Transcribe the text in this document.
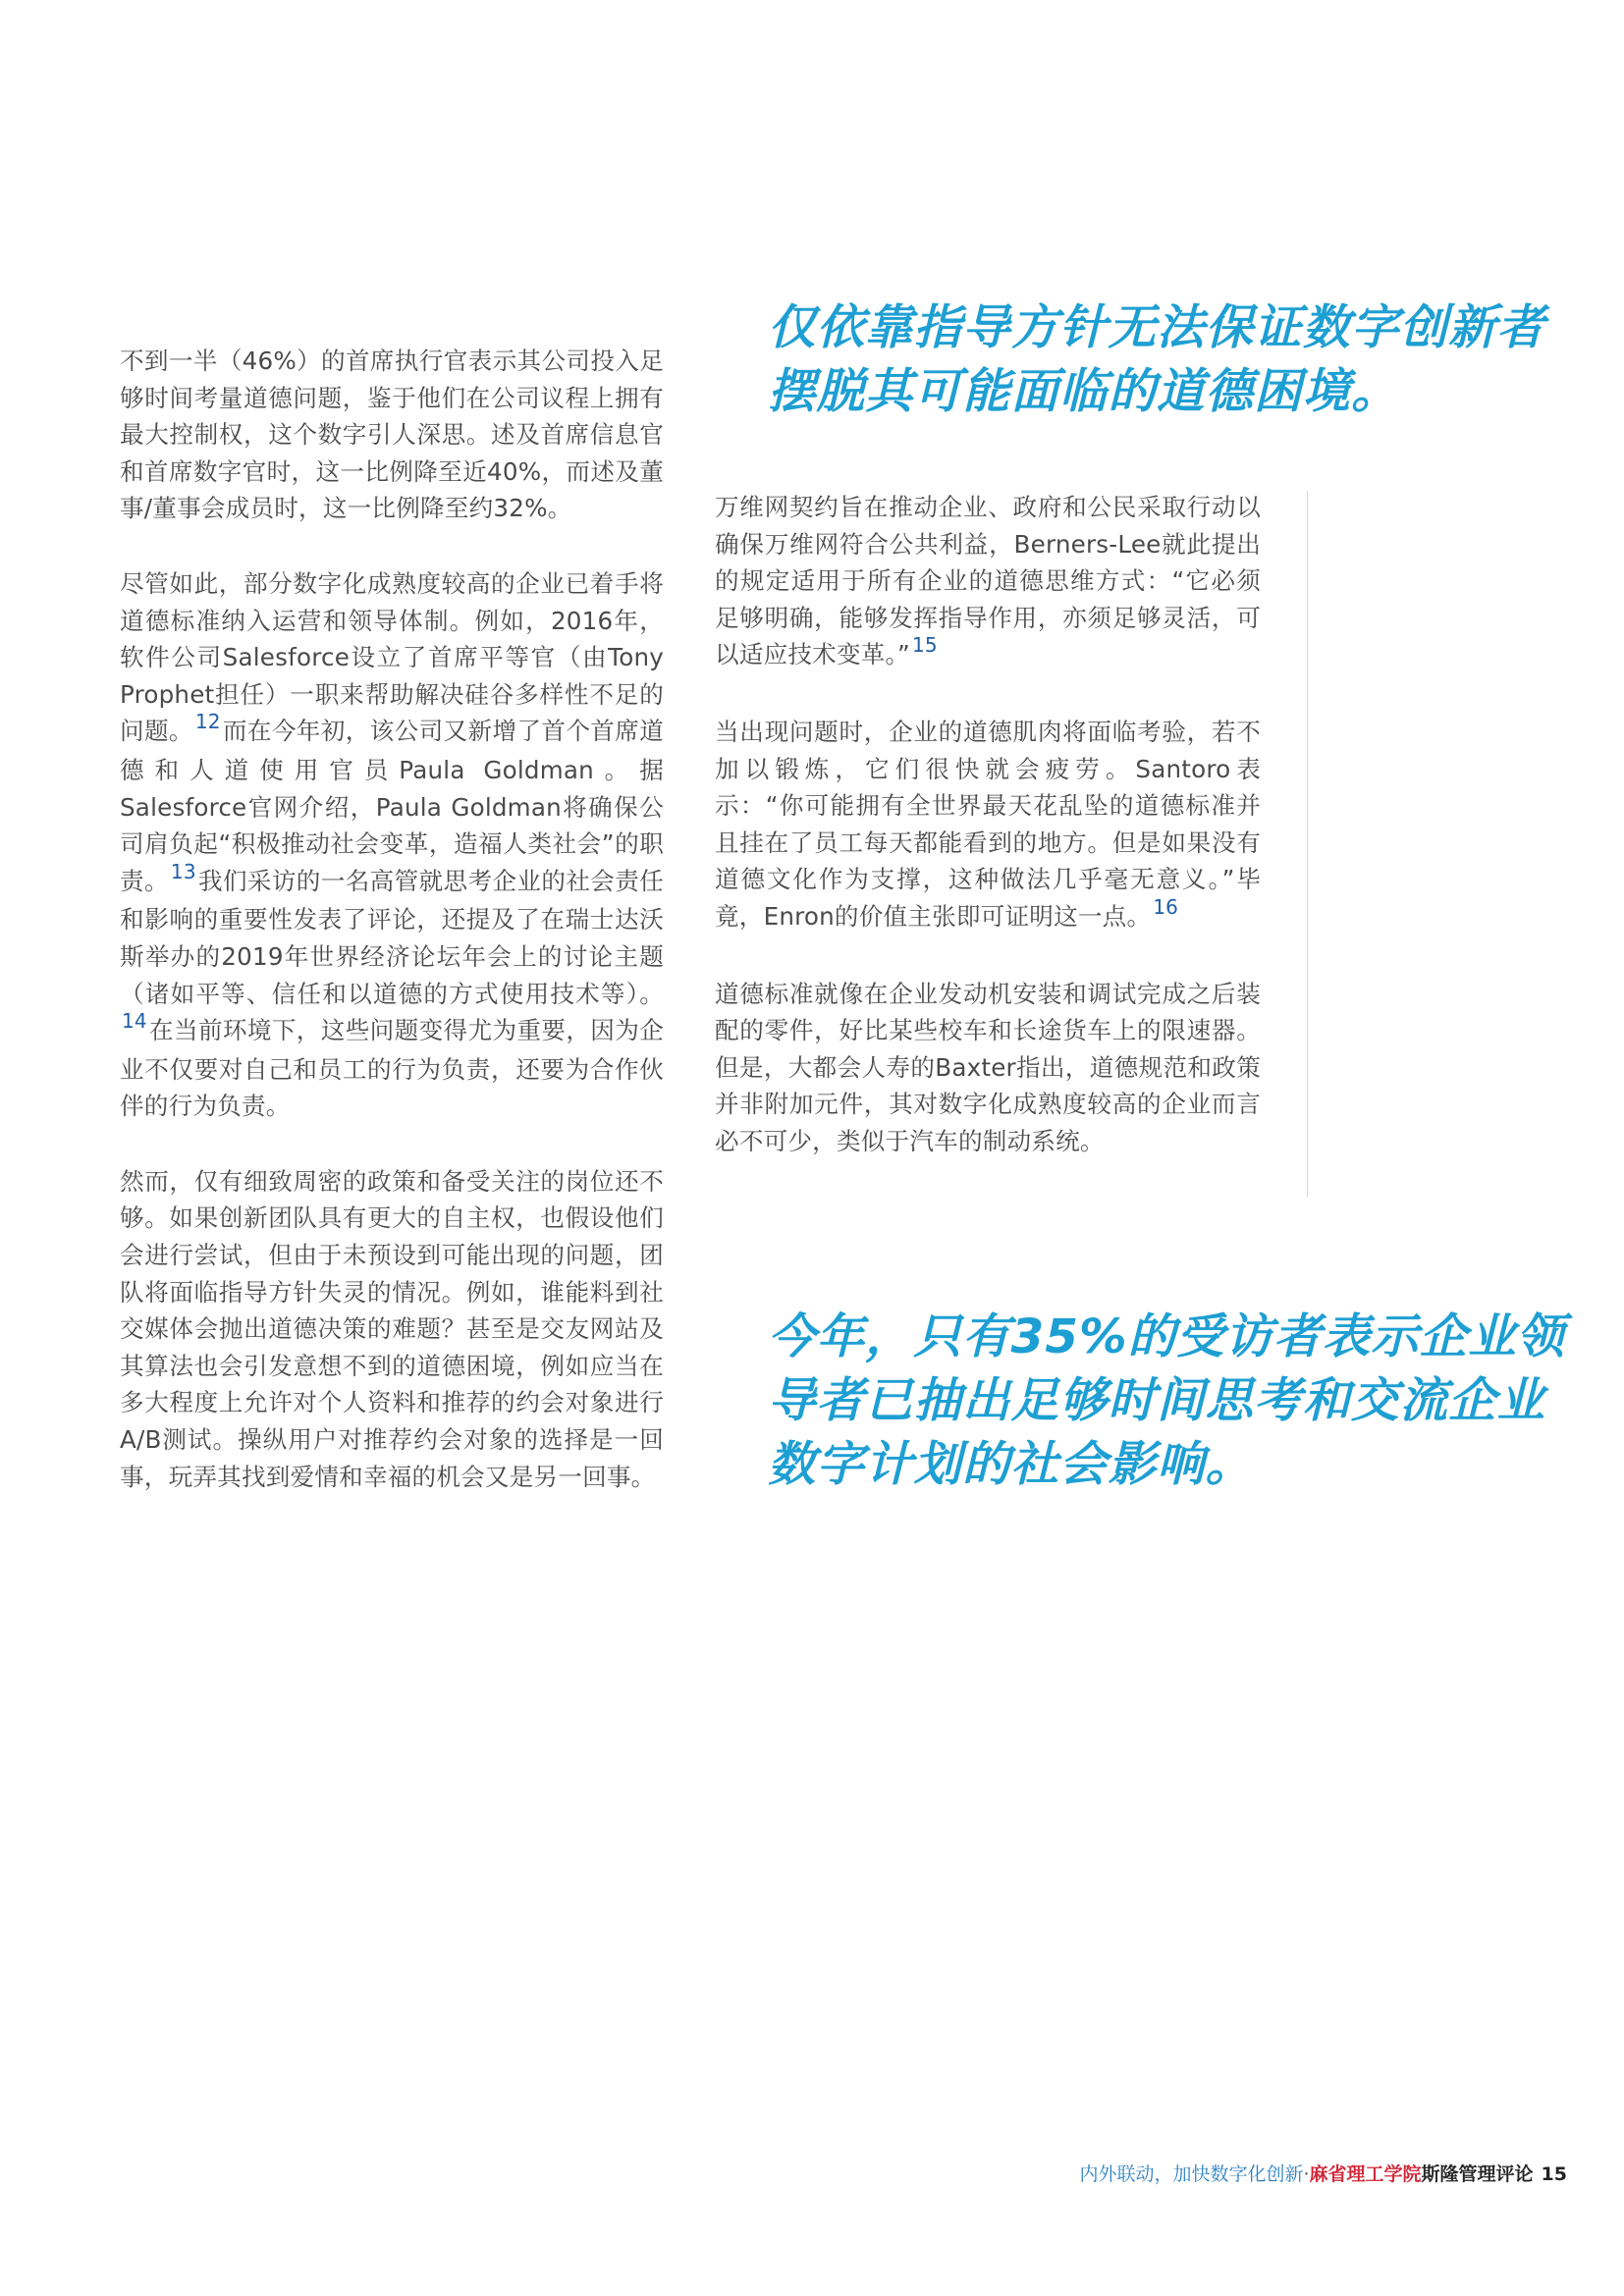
仅依靠指导方针无法保证数字创新者摆脱其可能面临的道德困境。

不到一半（46%）的首席执行官表示其公司投入足够时间考量道德问题，鉴于他们在公司议程上拥有最大控制权，这个数字引人深思。述及首席信息官和首席数字官时，这一比例降至近40%，而述及董事/董事会成员时，这一比例降至约32%。

尽管如此，部分数字化成熟度较高的企业已着手将道德标准纳入运营和领导体制。例如，2016年，软件公司Salesforce设立了首席平等官（由Tony Prophet担任）一职来帮助解决硅谷多样性不足的问题。 $^{12}$而在今年初，该公司又新增了首个首席道德和人道使用官员Paula Goldman。据Salesforce官网介绍，Paula Goldman将确保公司肩负起“积极推动社会变革，造福人类社会”的职责。 $^{13}$我们采访的一名高管就思考企业的社会责任和影响的重要性发表了评论，还提及了在瑞士达沃斯举办的2019年世界经济论坛年会上的讨论主题（诸如平等、信任和以道德的方式使用技术等）。$^{14}$在当前环境下，这些问题变得尤为重要，因为企业不仅要对自己和员工的行为负责，还要为合作伙伴的行为负责。

然而，仅有细致周密的政策和备受关注的岗位还不够。如果创新团队具有更大的自主权，也假设他们会进行尝试，但由于未预设到可能出现的问题，团队将面临指导方针失灵的情况。例如，谁能料到社交媒体会抛出道德决策的难题？甚至是交友网站及其算法也会引发意想不到的道德困境，例如应当在多大程度上允许对个人资料和推荐的约会对象进行A/B测试。操纵用户对推荐约会对象的选择是一回事，玩弄其找到爱情和幸福的机会又是另一回事。

万维网契约旨在推动企业、政府和公民采取行动以确保万维网符合公共利益，Berners-Lee就此提出的规定适用于所有企业的道德思维方式：“它必须足够明确，能够发挥指导作用，亦须足够灵活，可以适应技术变革。” $^{15}$

当出现问题时，企业的道德肌肉将面临考验，若不加以锻炼，它们很快就会疲劳。Santoro表示：“你可能拥有全世界最天花乱坠的道德标准并且挂在了员工每天都能看到的地方。但是如果没有道德文化作为支撑，这种做法几乎毫无意义。”毕竟，Enron的价值主张即可证明这一点。 $^{16}$

道德标准就像在企业发动机安装和调试完成之后装配的零件，好比某些校车和长途货车上的限速器。但是，大都会人寿的Baxter指出，道德规范和政策并非附加元件，其对数字化成熟度较高的企业而言必不可少，类似于汽车的制动系统。

今年，只有35%的受访者表示企业领导者已抽出足够时间思考和交流企业数字计划的社会影响。
内外联动，加快数字化创新·麻省理工学院斯隆管理评论 15
